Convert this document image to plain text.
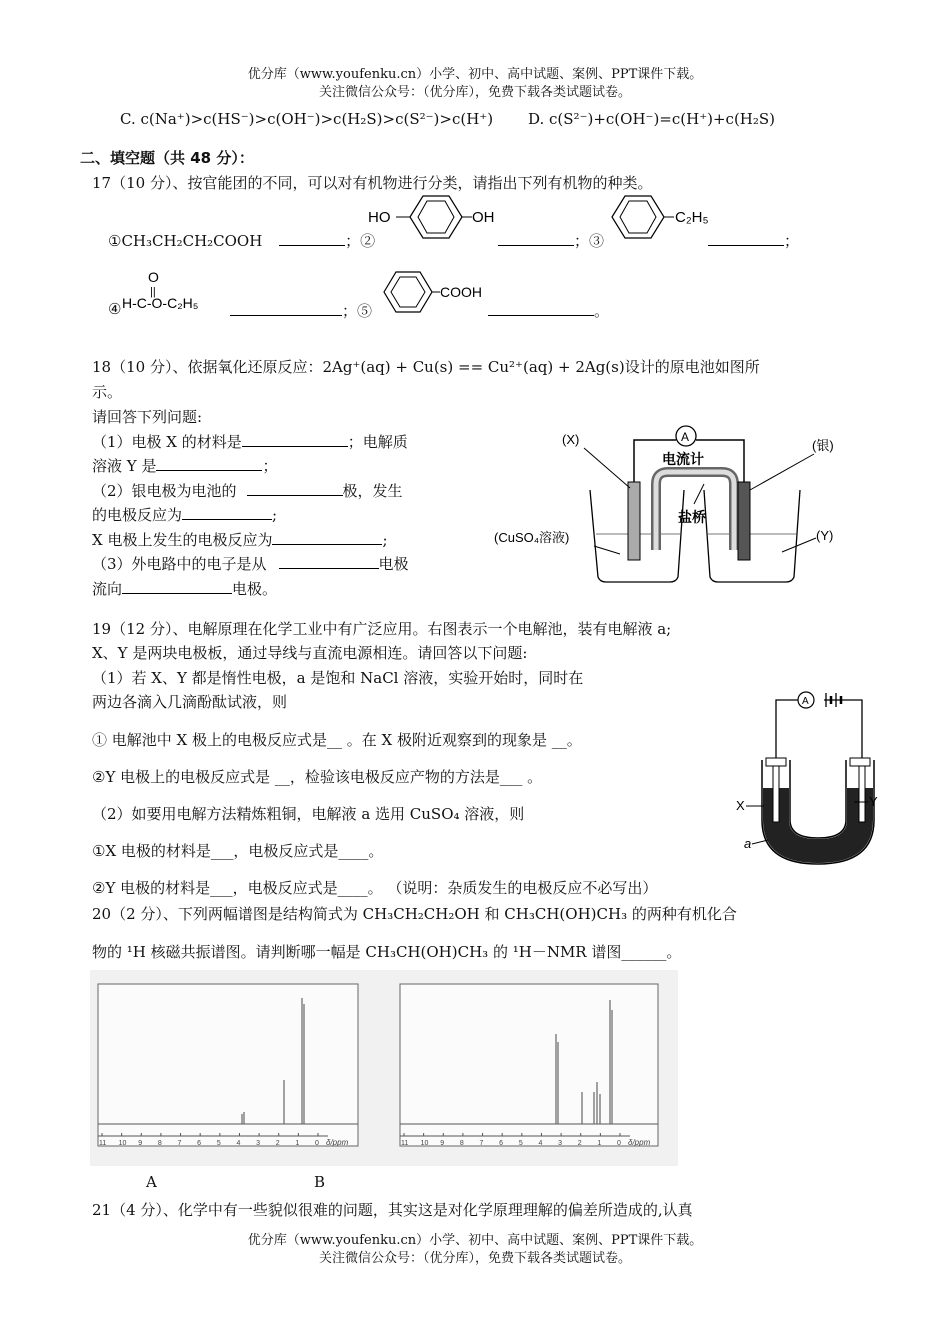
优分库（www.youfenku.cn）小学、初中、高中试题、案例、PPT课件下载。
关注微信公众号：（优分库），免费下载各类试题试卷。
C. c(Na⁺)>c(HS⁻)>c(OH⁻)>c(H₂S)>c(S²⁻)>c(H⁺) D. c(S²⁻)+c(OH⁻)=c(H⁺)+c(H₂S)
二、填空题（共 48 分）：
17（10 分）、按官能团的不同，可以对有机物进行分类，请指出下列有机物的种类。
①CH₃CH₂CH₂COOH	；②
HO	OH
；③
C₂H₅
；
④
O
||
H-C-O-C₂H₅	；⑤
COOH
。
18（10 分）、依据氧化还原反应：2Ag⁺(aq) + Cu(s) == Cu²⁺(aq) + 2Ag(s)设计的原电池如图所
示。
请回答下列问题:
（1）电极 X 的材料是	；电解质
溶液 Y 是	；
（2）银电极为电池的	极，发生
的电极反应为	;
X 电极上发生的电极反应为	;
（3）外电路中的电子是从	电极
流向	电极。
A
电流计
盐桥
(X)	(银)
(CuSO₄溶液)	(Y)
19（12 分）、电解原理在化学工业中有广泛应用。右图表示一个电解池，装有电解液 a;
X、Y 是两块电极板，通过导线与直流电源相连。请回答以下问题:
（1）若 X、Y 都是惰性电极，a 是饱和 NaCl 溶液，实验开始时，同时在
两边各滴入几滴酚酞试液，则
① 电解池中 X 极上的电极反应式是__ 。在 X 极附近观察到的现象是 __。
②Y 电极上的电极反应式是 __，检验该电极反应产物的方法是___ 。
（2）如要用电解方法精炼粗铜，电解液 a 选用 CuSO₄ 溶液，则
①X 电极的材料是___，电极反应式是____。
②Y 电极的材料是___，电极反应式是____。 （说明：杂质发生的电极反应不必写出）
A
X	Y
a
20（2 分）、下列两幅谱图是结构简式为 CH₃CH₂CH₂OH 和 CH₃CH(OH)CH₃ 的两种有机化合
物的 ¹H 核磁共振谱图。请判断哪一幅是 CH₃CH(OH)CH₃ 的 ¹H－NMR 谱图______。
11 10 9 8 7 6 5 4 3 2 1 0 δ/ppm	11 10 9 8 7 6 5 4 3 2 1 0 δ/ppm
A	B
21（4 分）、化学中有一些貌似很难的问题，其实这是对化学原理理解的偏差所造成的,认真
优分库（www.youfenku.cn）小学、初中、高中试题、案例、PPT课件下载。
关注微信公众号：（优分库），免费下载各类试题试卷。
